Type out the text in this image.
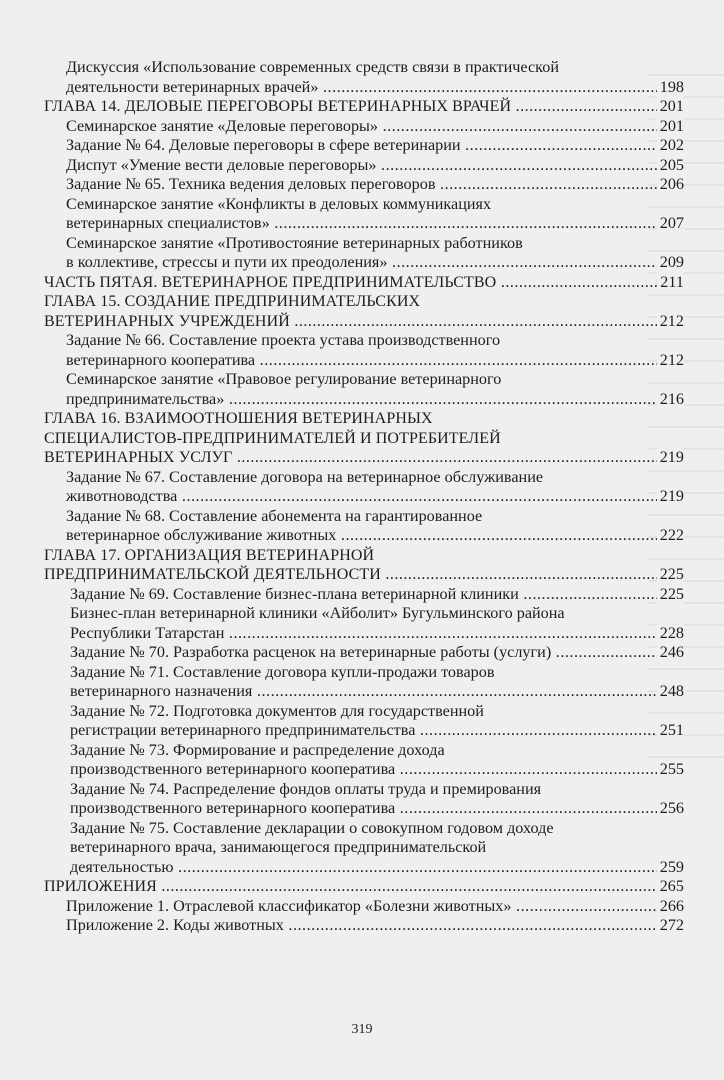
Дискуссия «Использование современных средств связи в практической
деятельности ветеринарных врачей» .....	198
ГЛАВА 14. ДЕЛОВЫЕ ПЕРЕГОВОРЫ ВЕТЕРИНАРНЫХ ВРАЧЕЙ .....	201
Семинарское занятие «Деловые переговоры» .....	201
Задание № 64. Деловые переговоры в сфере ветеринарии .....	202
Диспут «Умение вести деловые переговоры» .....	205
Задание № 65. Техника ведения деловых переговоров .....	206
Семинарское занятие «Конфликты в деловых коммуникациях
ветеринарных специалистов» .....	207
Семинарское занятие «Противостояние ветеринарных работников
в коллективе, стрессы и пути их преодоления» .....	209
ЧАСТЬ ПЯТАЯ. ВЕТЕРИНАРНОЕ ПРЕДПРИНИМАТЕЛЬСТВО .....	211
ГЛАВА 15. СОЗДАНИЕ ПРЕДПРИНИМАТЕЛЬСКИХ
ВЕТЕРИНАРНЫХ УЧРЕЖДЕНИЙ .....	212
Задание № 66. Составление проекта устава производственного
ветеринарного кооператива .....	212
Семинарское занятие «Правовое регулирование ветеринарного
предпринимательства» .....	216
ГЛАВА 16. ВЗАИМООТНОШЕНИЯ ВЕТЕРИНАРНЫХ
СПЕЦИАЛИСТОВ-ПРЕДПРИНИМАТЕЛЕЙ И ПОТРЕБИТЕЛЕЙ
ВЕТЕРИНАРНЫХ УСЛУГ .....	219
Задание № 67. Составление договора на ветеринарное обслуживание
животноводства .....	219
Задание № 68. Составление абонемента на гарантированное
ветеринарное обслуживание животных .....	222
ГЛАВА 17. ОРГАНИЗАЦИЯ ВЕТЕРИНАРНОЙ
ПРЕДПРИНИМАТЕЛЬСКОЙ ДЕЯТЕЛЬНОСТИ .....	225
Задание № 69. Составление бизнес-плана ветеринарной клиники .....	225
Бизнес-план ветеринарной клиники «Айболит» Бугульминского района
Республики Татарстан .....	228
Задание № 70. Разработка расценок на ветеринарные работы (услуги) .....	246
Задание № 71. Составление договора купли-продажи товаров
ветеринарного назначения .....	248
Задание № 72. Подготовка документов для государственной
регистрации ветеринарного предпринимательства .....	251
Задание № 73. Формирование и распределение дохода
производственного ветеринарного кооператива .....	255
Задание № 74. Распределение фондов оплаты труда и премирования
производственного ветеринарного кооператива .....	256
Задание № 75. Составление декларации о совокупном годовом доходе
ветеринарного врача, занимающегося предпринимательской
деятельностью .....	259
ПРИЛОЖЕНИЯ .....	265
Приложение 1. Отраслевой классификатор «Болезни животных» .....	266
Приложение 2. Коды животных .....	272
319
